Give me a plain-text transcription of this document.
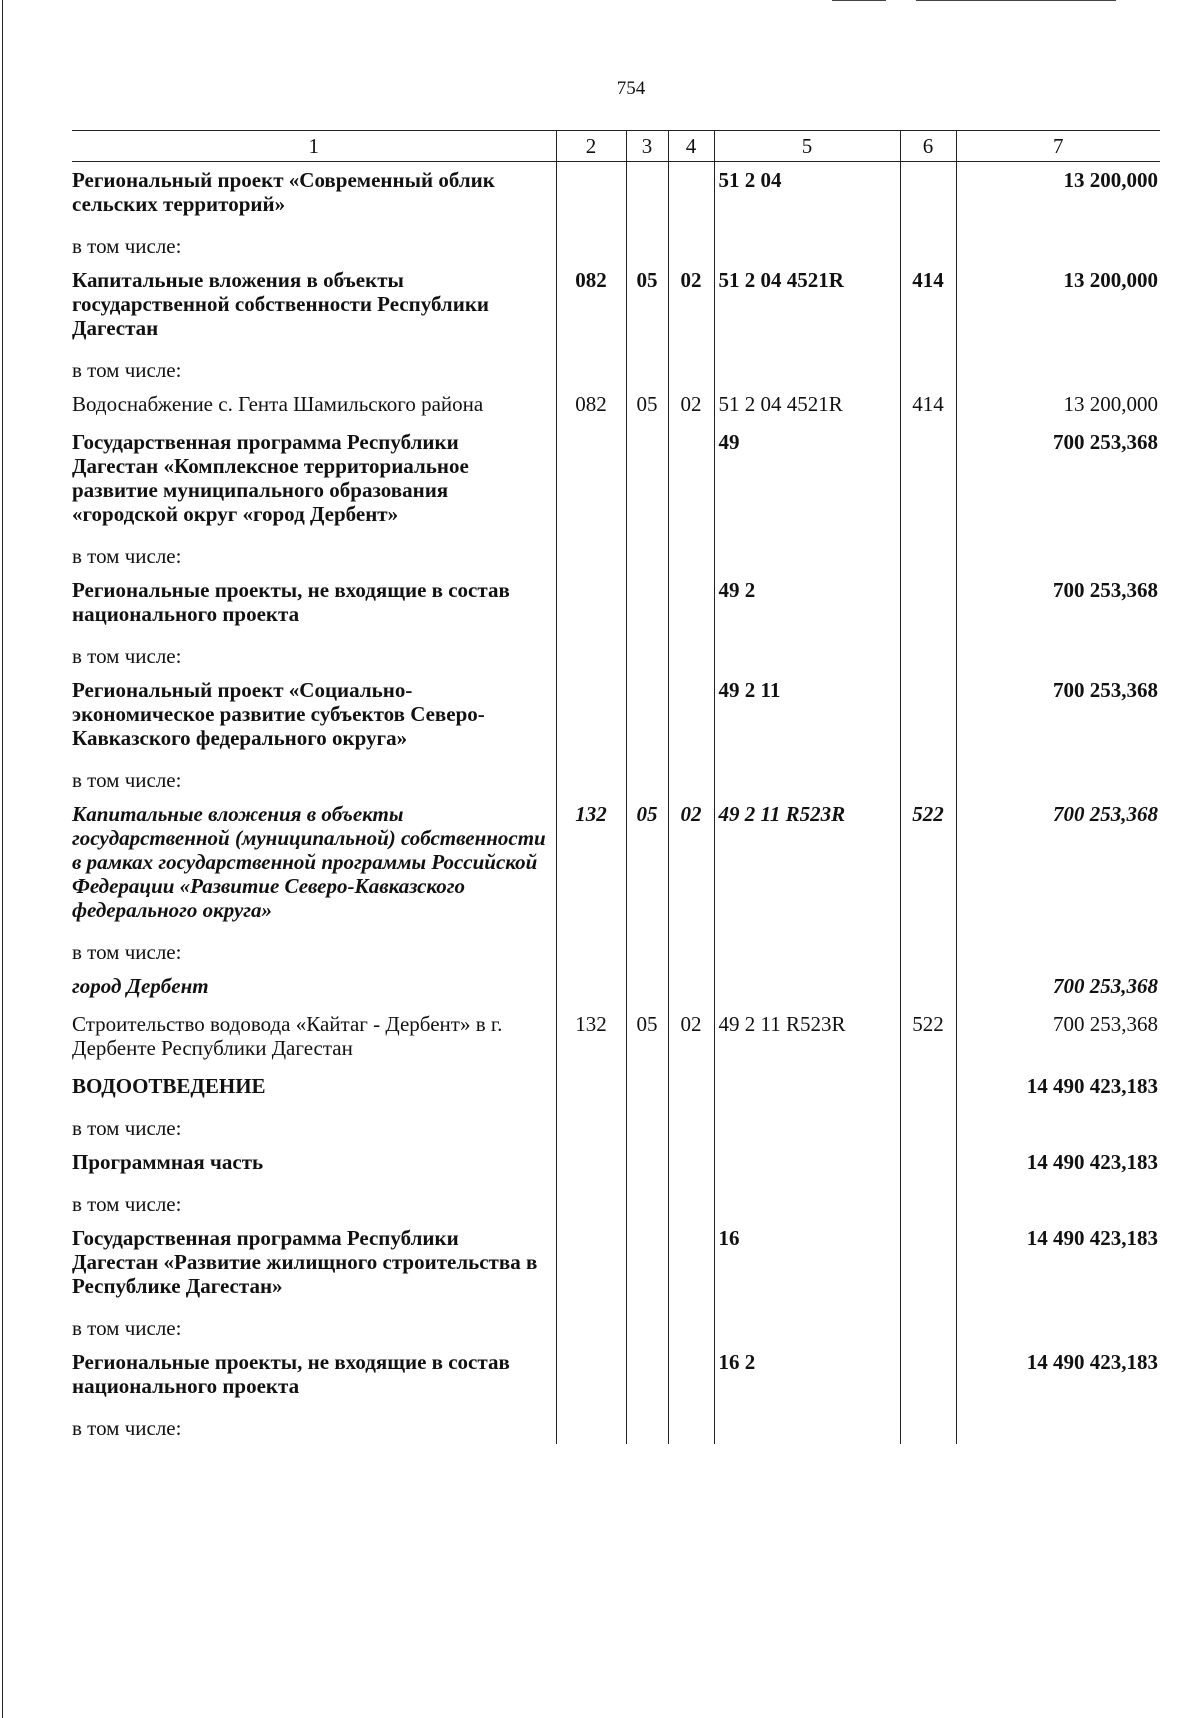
754
1	2	3	4	5	6	7
Региональный проект «Современный облик сельских территорий»				51 2 04		13 200,000
в том числе:						
Капитальные вложения в объекты государственной собственности Республики Дагестан	082	05	02	51 2 04 4521R	414	13 200,000
в том числе:						
Водоснабжение с. Гента Шамильского района	082	05	02	51 2 04 4521R	414	13 200,000
Государственная программа Республики Дагестан «Комплексное территориальное развитие муниципального образования «городской округ «город Дербент»				49		700 253,368
в том числе:						
Региональные проекты, не входящие в состав национального проекта				49 2		700 253,368
в том числе:						
Региональный проект «Социально-экономическое развитие субъектов Северо-Кавказского федерального округа»				49 2 11		700 253,368
в том числе:						
Капитальные вложения в объекты государственной (муниципальной) собственности в рамках государственной программы Российской Федерации «Развитие Северо-Кавказского федерального округа»	132	05	02	49 2 11 R523R	522	700 253,368
в том числе:						
город Дербент						700 253,368
Строительство водовода «Кайтаг - Дербент» в г. Дербенте Республики Дагестан	132	05	02	49 2 11 R523R	522	700 253,368
ВОДООТВЕДЕНИЕ						14 490 423,183
в том числе:						
Программная часть						14 490 423,183
в том числе:						
Государственная программа Республики Дагестан «Развитие жилищного строительства в Республике Дагестан»				16		14 490 423,183
в том числе:						
Региональные проекты, не входящие в состав национального проекта				16 2		14 490 423,183
в том числе:						
